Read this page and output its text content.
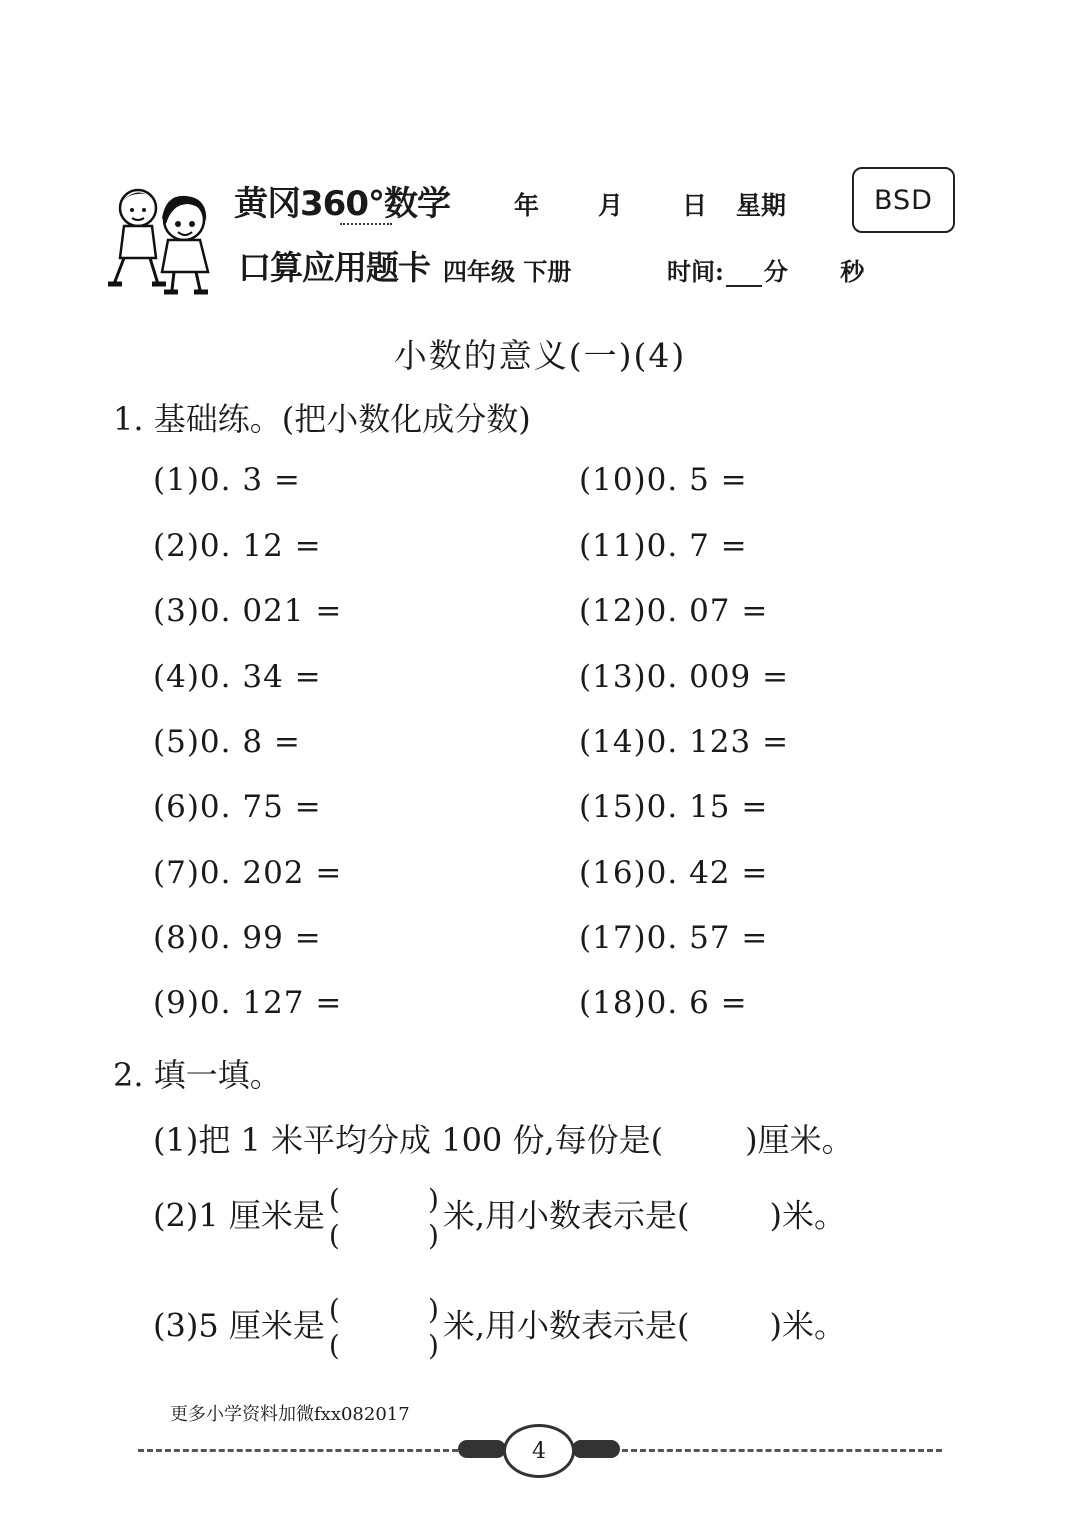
黄冈360°数学
口算应用题卡
年 月 日 星期
四年级 下册	时间: 分 秒
BSD
小数的意义(一)(4)
1. 基础练。(把小数化成分数)
(1)0. 3 =
(2)0. 12 =
(3)0. 021 =
(4)0. 34 =
(5)0. 8 =
(6)0. 75 =
(7)0. 202 =
(8)0. 99 =
(9)0. 127 =
(10)0. 5 =
(11)0. 7 =
(12)0. 07 =
(13)0. 009 =
(14)0. 123 =
(15)0. 15 =
(16)0. 42 =
(17)0. 57 =
(18)0. 6 =
2. 填一填。
(1)把 1 米平均分成 100 份,每份是(	)厘米。
(2)1 厘米是 (	)
(	)
米,用小数表示是(	)米。
(3)5 厘米是 (	)
(	)
米,用小数表示是(	)米。
更多小学资料加微fxx082017
4
